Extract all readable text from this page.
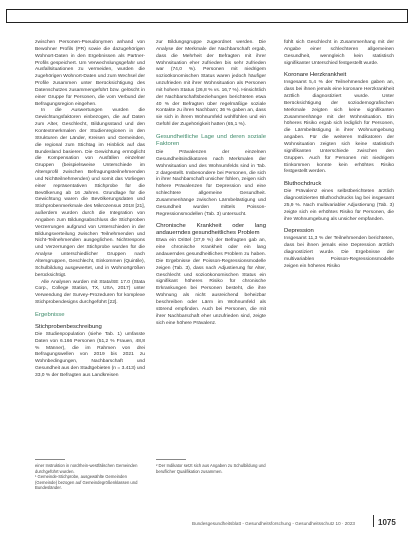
zwischen Personen-Pseudonymen anhand von Bewohner Profils (PR) sowie die dazugehörigen Wohnort-Daten in den Ergebnissen als Partner-Profils gespeichert. Um Verwechslungsgefahr und Ausfallsituationen zu vermeiden, wurden die zugehörigen Wohnort-Daten und zum Wechsel der Profile zusammen unter Berücksichtigung des Datenschutzes zusammengeführt bzw. gelöscht in einer Gruppe für Personen, die vom Verbund der Befragungsregion eingehen.

In die Auswertungen wurden die Gewichtungsfaktoren einbezogen, die auf Daten zum Alter, Geschlecht, Bildungsstand und den Kontextmerkmalen der Studienregionen in den Strukturen der Länder, Kreisen und Gemeinden, die regional zum Stichtag im Hinblick auf das Bundesland basieren. Die Gewichtung ermöglicht die Kompensation von Ausfällen einzelner Gruppen (beispielsweise Unterschiede im Altersprofil zwischen Befragungsteilnehmenden und Nichtteilnehmenden) und somit das Vorliegen einer repräsentativen Stichprobe für die Bevölkerung ab 16 Jahren. Grundlage für die Gewichtung waren die Bevölkerungsdaten und Stichprobenmerkmale des Mikrozensus 2018 [21], außerdem wurden durch die Integration von Angaben zum Bildungsabschluss die Stichproben Verzerrungen aufgrund von Unterschieden in der Bildungsverteilung zwischen Teilnehmenden und Nicht-Teilnehmenden ausgeglichen. Nichtrespons und Verzerrungen der Stichprobe wurden für die Analyse unterschiedlicher Gruppen nach Altersgruppen, Geschlecht, Einkommen (Quintile), Schulbildung ausgewertet, und in Wohnortgrößen berücksichtigt.

Alle Analysen wurden mit Stata/SE 17.0 (Stata Corp., College Station, TX, USA, 2017) unter Verwendung der Survey-Prozeduren für komplexe Stichprobendesigns durchgeführt [22].

Ergebnisse
Stichprobenbeschreibung

Die Studienpopulation (siehe Tab. 1) umfasste Daten von 6.166 Personen (51,2 % Frauen, 48,8 % Männer), die im Rahmen von drei Befragungswellen von 2019 bis 2021 zu Wohnbedingungen, Nachbarschaft und Gesundheit aus den Stadtgebieten (n = 3.413) und 33,0 % der Befragten aus Landkreisen

zur Bildungsgruppe zugeordnet werden. Die Analyse der Merkmale der Nachbarschaft ergab, dass die Mehrheit der Befragten mit ihrer Wohnsituation eher zufrieden bis sehr zufrieden war (74,0 %). Personen mit niedrigem sozioökonomischen Status waren jedoch häufiger unzufrieden mit ihrer Wohnsituation als Personen mit hohem Status (26,8 % vs. 16,7 %). Hinsichtlich der Nachbarschaftsbeziehungen berichteten etwa 40 % der Befragten über regelmäßige soziale Kontakte zu ihren Nachbarn; 36 % gaben an, dass sie sich in ihrem Wohnumfeld wohlfühlen und ein Gefühl der Zugehörigkeit hatten (65,1 %).

Gesundheitliche Lage und deren soziale Faktoren

Die Prävalenzen der einzelnen Gesundheitsindikatoren nach Merkmalen der Wohnsituation und des Wohnumfelds sind in Tab. 2 dargestellt. Insbesondere bei Personen, die sich in ihrer Nachbarschaft unsicher fühlen, zeigen sich höhere Prävalenzen für Depression und eine schlechtere allgemeine Gesundheit. Zusammenhänge zwischen Lärmbelästigung und Gesundheit wurden mittels Poisson-Regressionsmodellen (Tab. 3) untersucht.

Chronische Krankheit oder lang andauerndes gesundheitliches Problem

Etwa ein Drittel (37,9 %) der Befragten gab an, eine chronische Krankheit oder ein lang andauerndes gesundheitliches Problem zu haben. Die Ergebnisse der Poisson-Regressionsmodelle zeigen (Tab. 3), dass nach Adjustierung für Alter, Geschlecht und sozioökonomischen Status ein signifikant höheres Risiko für chronische Erkrankungen bei Personen besteht, die ihre Wohnung als nicht ausreichend beheizbar beschreiben oder Lärm im Wohnumfeld als störend empfinden. Auch bei Personen, die mit ihrer Nachbarschaft eher unzufrieden sind, zeigte sich eine höhere Prävalenz.

fühlt sich Geschlecht in Zusammenhang mit der Angabe einer schlechteren allgemeinen Gesundheit, wenngleich kein statistisch signifikanter Unterschied festgestellt wurde.

Koronare Herzkrankheit

Insgesamt 5,4 % der Teilnehmenden gaben an, dass bei ihnen jemals eine koronare Herzkrankheit ärztlich diagnostiziert wurde. Unter Berücksichtigung der soziodemografischen Merkmale zeigten sich keine signifikanten Zusammenhänge mit der Wohnsituation. Ein höheres Risiko ergab sich lediglich für Personen, die Lärmbelästigung in ihrer Wohnumgebung angaben. Für die weiteren Indikatoren der Wohnsituation zeigten sich keine statistisch signifikanten Unterschiede zwischen den Gruppen. Auch für Personen mit niedrigem Einkommen konnte kein erhöhtes Risiko festgestellt werden.

Bluthochdruck

Die Prävalenz eines selbstberichteten ärztlich diagnostizierten Bluthochdrucks lag bei insgesamt 25,9 %. Nach multivariabler Adjustierung (Tab. 3) zeigte sich ein erhöhtes Risiko für Personen, die ihre Wohnumgebung als unsicher empfanden.

Depression

Insgesamt 11,3 % der Teilnehmenden berichteten, dass bei ihnen jemals eine Depression ärztlich diagnostiziert wurde. Die Ergebnisse der multivariablen Poisson-Regressionsmodelle zeigen ein höheres Risiko

einer Instruktion in nordrhein-westfälischen Gemeinden durchgeführt wurden.
¹ Gemeinde-Stichprobe, ausgewählte Gemeinden (Gemeinde) bezogen auf Gemeindegrößenklassen und Bundesländer.
² Der Indikator setzt sich aus Angaben zu Schulbildung und beruflicher Qualifikation zusammen.
Bundesgesundheitsblatt - Gesundheitsforschung - Gesundheitsschutz 10 · 2023	1075
